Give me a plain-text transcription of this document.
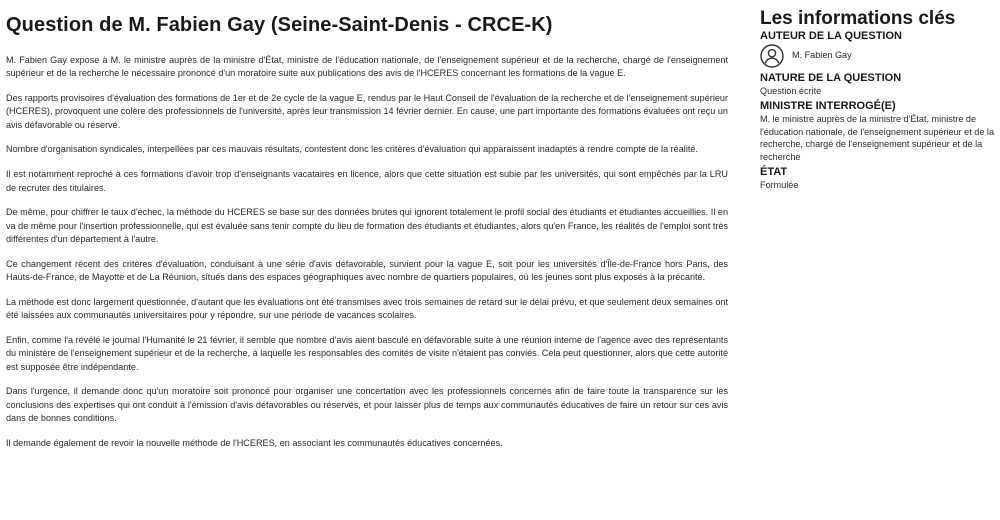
Question de M. Fabien Gay (Seine-Saint-Denis - CRCE-K)

M. Fabien Gay expose à M. le ministre auprès de la ministre d'État, ministre de l'éducation nationale, de l'enseignement supérieur et de la recherche, chargé de l'enseignement supérieur et de la recherche le nécessaire prononcé d'un moratoire suite aux publications des avis de l'HCERES concernant les formations de la vague E.

Des rapports provisoires d'évaluation des formations de 1er et de 2e cycle de la vague E, rendus par le Haut Conseil de l'évaluation de la recherche et de l'enseignement supérieur (HCERES), provoquent une colère des professionnels de l'université, après leur transmission 14 février dernier. En cause, une part importante des formations évaluées ont reçu un avis défavorable ou réservé.

Nombre d'organisation syndicales, interpellées par ces mauvais résultats, contestent donc les critères d'évaluation qui apparaissent inadaptés à rendre compte de la réalité.

Il est notamment reproché à ces formations d'avoir trop d'enseignants vacataires en licence, alors que cette situation est subie par les universités, qui sont empêchés par la LRU de recruter des titulaires.

De même, pour chiffrer le taux d'échec, la méthode du HCERES se base sur des données brutes qui ignorent totalement le profil social des étudiants et étudiantes accueillies. Il en va de même pour l'insertion professionnelle, qui est évaluée sans tenir compte du lieu de formation des étudiants et étudiantes, alors qu'en France, les réalités de l'emploi sont très différentes d'un département à l'autre.

Ce changement récent des critères d'évaluation, conduisant à une série d'avis défavorable, survient pour la vague E, soit pour les universités d'Île-de-France hors Paris, des Hauts-de-France, de Mayotte et de La Réunion, situés dans des espaces géographiques avec nombre de quartiers populaires, où les jeunes sont plus exposés à la précarité.

La méthode est donc largement questionnée, d'autant que les évaluations ont été transmises avec trois semaines de retard sur le délai prévu, et que seulement deux semaines ont été laissées aux communautés universitaires pour y répondre, sur une période de vacances scolaires.

Enfin, comme l'a révélé le journal l'Humanité le 21 février, il semble que nombre d'avis aient basculé en défavorable suite à une réunion interne de l'agence avec des représentants du ministère de l'enseignement supérieur et de la recherche, à laquelle les responsables des comités de visite n'étaient pas conviés. Cela peut questionner, alors que cette autorité est supposée être indépendante.

Dans l'urgence, il demande donc qu'un moratoire soit prononcé pour organiser une concertation avec les professionnels concernés afin de faire toute la transparence sur les conclusions des expertises qui ont conduit à l'émission d'avis défavorables ou réservés, et pour laisser plus de temps aux communautés éducatives de faire un retour sur ces avis dans de bonnes conditions.

Il demande également de revoir la nouvelle méthode de l'HCERES, en associant les communautés éducatives concernées.

Les informations clés
AUTEUR DE LA QUESTION
M. Fabien Gay
NATURE DE LA QUESTION
Question écrite
MINISTRE INTERROGÉ(E)
M. le ministre auprès de la ministre d'État, ministre de l'éducation nationale, de l'enseignement supérieur et de la recherche, chargé de l'enseignement supérieur et de la recherche
ÉTAT
Formulée
